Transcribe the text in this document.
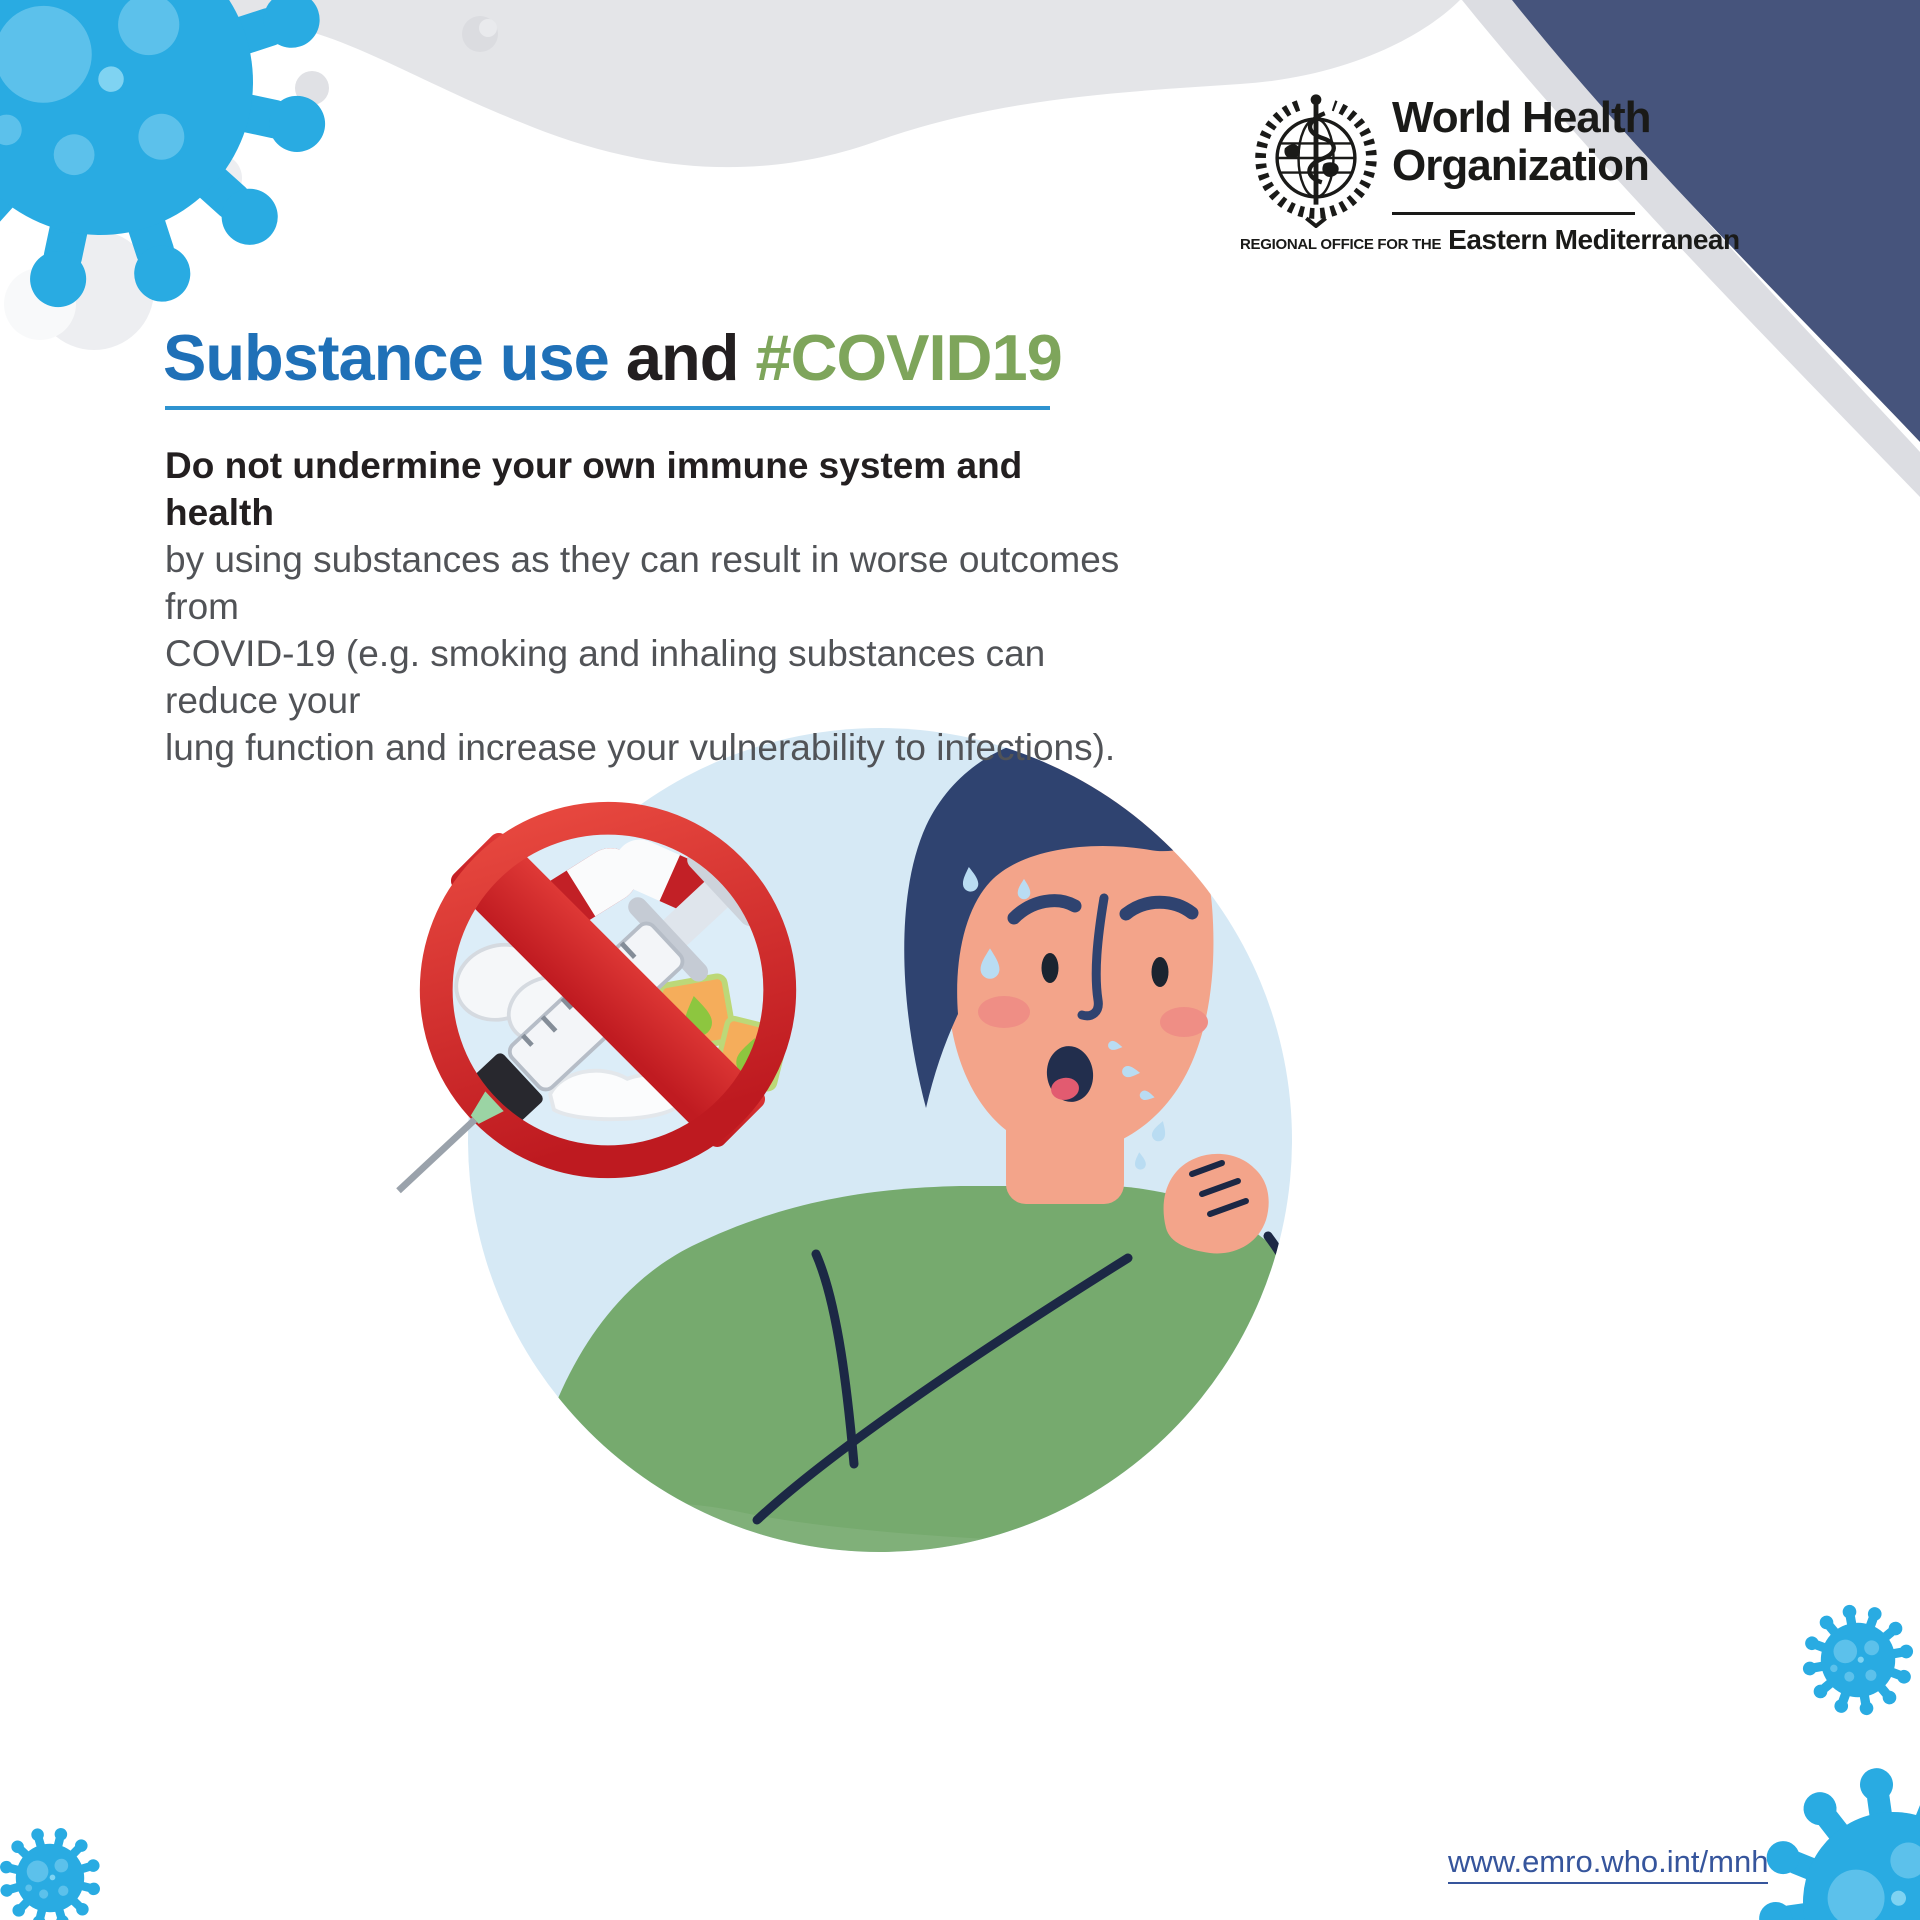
World Health
Organization
REGIONAL OFFICE FOR THE Eastern Mediterranean
Substance use and #COVID19
Do not undermine your own immune system and health
by using substances as they can result in worse outcomes from
COVID-19 (e.g. smoking and inhaling substances can reduce your
lung function and increase your vulnerability to infections).
www.emro.who.int/mnh
